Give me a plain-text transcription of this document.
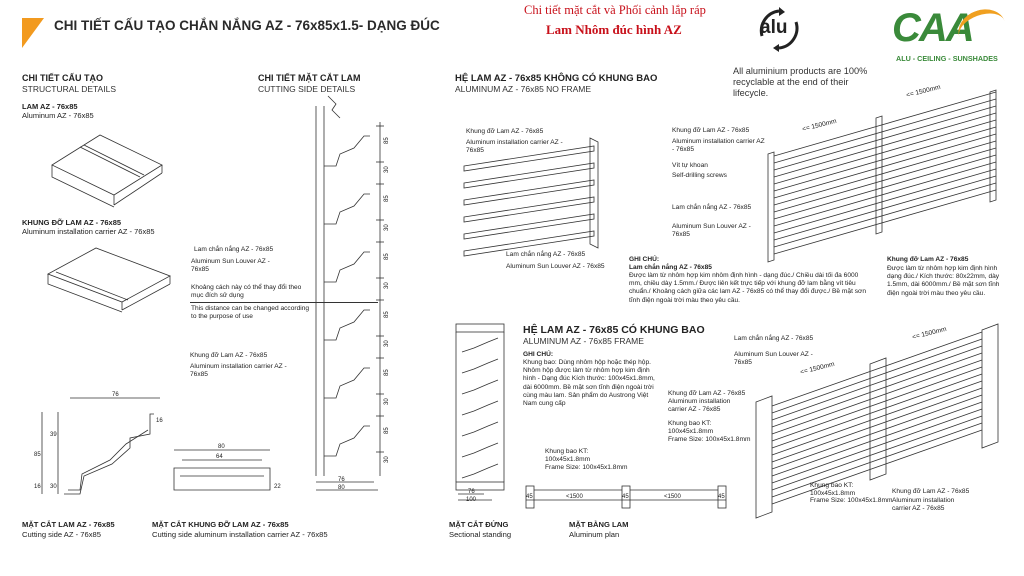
CHI TIẾT CẤU TẠO CHẮN NẮNG AZ - 76x85x1.5- DẠNG ĐÚC
Chi tiết mặt cắt và Phối cảnh lắp ráp
Lam Nhôm đúc hình AZ	alu	CAA
ALU - CEILING - SUNSHADES
All aluminium products are 100% recyclable at the end of their lifecycle.
CHI TIẾT CẤU TẠO
STRUCTURAL DETAILS
LAM AZ - 76x85
Aluminum AZ - 76x85
KHUNG ĐỠ LAM AZ - 76x85
Aluminum installation carrier AZ - 76x85
76
16
39
85
30
16
MẶT CẮT LAM AZ - 76x85
Cutting side AZ - 76x85
80
64
22
MẶT CẮT KHUNG ĐỠ LAM AZ - 76x85
Cutting side aluminum installation carrier AZ - 76x85
CHI TIẾT MẶT CẮT LAM
CUTTING SIDE DETAILS
85
30
85
30
85
30
85
30
85
30
85
30
76
80
Lam chắn nắng AZ - 76x85
Aluminum Sun Louver AZ - 76x85
Khoảng cách này có thể thay đổi theo mục đích sử dụng
This distance can be changed according to the purpose of use
Khung đỡ Lam AZ - 76x85
Aluminum installation carrier AZ - 76x85
HỆ LAM AZ - 76x85 KHÔNG CÓ KHUNG BAO
ALUMINUM AZ - 76x85 NO FRAME
Khung đỡ Lam AZ - 76x85
Aluminum installation carrier AZ - 76x85
Lam chắn nắng AZ - 76x85
Aluminum Sun Louver AZ - 76x85
<= 1500mm
<= 1500mm
Khung đỡ Lam AZ - 76x85
Aluminum installation carrier AZ - 76x85
Vít tự khoan
Self-drilling screws
Lam chắn nắng AZ - 76x85
Aluminum Sun Louver AZ - 76x85
GHI CHÚ:
Lam chắn nắng AZ - 76x85
Được làm từ nhôm hợp kim nhôm định hình - dạng đúc./ Chiều dài tối đa 6000 mm, chiều dày 1.5mm./ Được liên kết trực tiếp với khung đỡ lam bằng vít tiêu chuẩn./ Khoảng cách giữa các lam AZ - 76x85 có thể thay đổi được./ Bề mặt sơn tĩnh điện ngoài trời màu theo yêu cầu.
Khung đỡ Lam AZ - 76x85
Được làm từ nhôm hợp kim định hình dạng đúc./ Kích thước: 80x22mm, dày 1.5mm, dài 6000mm./ Bề mặt sơn tĩnh điện ngoài trời màu theo yêu cầu.
HỆ LAM AZ - 76x85 CÓ KHUNG BAO
ALUMINUM AZ - 76x85 FRAME
GHI CHÚ:
Khung bao: Dùng nhôm hộp hoặc thép hộp. Nhôm hộp được làm từ nhôm hợp kim định hình - Dạng đúc Kích thước: 100x45x1.8mm, dài 6000mm. Bề mặt sơn tĩnh điện ngoài trời cùng màu lam. Sản phẩm do Austrong Việt Nam cung cấp
76
100	45	<1500	45	<1500	45
Khung bao KT: 100x45x1.8mm
Frame Size: 100x45x1.8mm
<= 1500mm
<= 1500mm
Lam chắn nắng AZ - 76x85
Aluminum Sun Louver AZ - 76x85
Khung đỡ Lam AZ - 76x85
Aluminum installation carrier AZ - 76x85
Khung bao KT: 100x45x1.8mm
Frame Size: 100x45x1.8mm
Khung bao KT: 100x45x1.8mm
Frame Size: 100x45x1.8mm
Khung đỡ Lam AZ - 76x85
Aluminum installation carrier AZ - 76x85
MẶT CẮT ĐỨNG
Sectional standing
MẶT BẰNG LAM
Aluminum plan
